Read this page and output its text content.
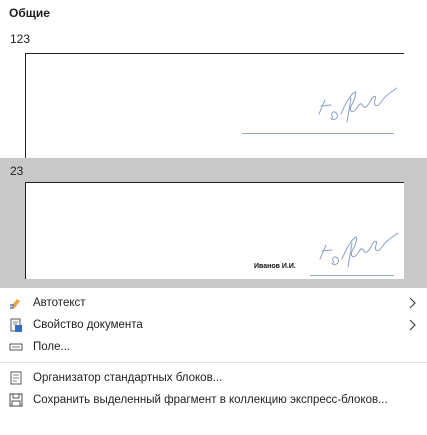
Общие
123
23
Иванов И.И.
Автотекст
Свойство документа
Поле...
Организатор стандартных блоков...
Сохранить выделенный фрагмент в коллекцию экспресс-блоков...
